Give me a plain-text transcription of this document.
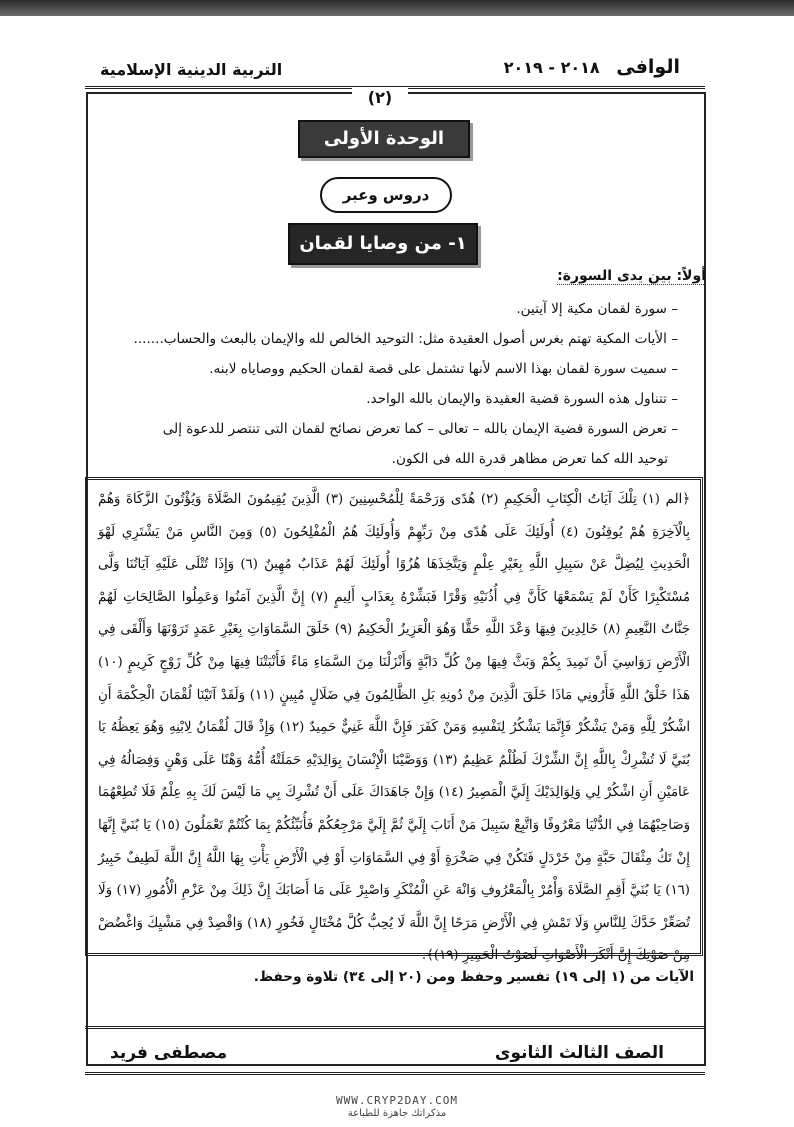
التربية الدينية الإسلامية	الوافى ٢٠١٨ - ٢٠١٩
(٢)
الوحدة الأولى
دروس وعبر
١- من وصايا لقمان
أولاً: بين يدى السورة:

– سورة لقمان مكية إلا آيتين.

– الأيات المكية تهتم بغرس أصول العقيدة مثل: التوحيد الخالص لله والإيمان بالبعث والحساب.......

– سميت سورة لقمان بهذا الاسم لأنها تشتمل على قصة لقمان الحكيم ووصاياه لابنه.

– تتناول هذه السورة قضية العقيدة والإيمان بالله الواحد.

– تعرض السورة قضية الإيمان بالله – تعالى – كما تعرض نصائح لقمان التى تنتصر للدعوة إلى

توحيد الله كما تعرض مظاهر قدرة الله فى الكون.

﴿الم (١) تِلْكَ آيَاتُ الْكِتَابِ الْحَكِيمِ (٢) هُدًى وَرَحْمَةً لِلْمُحْسِنِينَ (٣) الَّذِينَ يُقِيمُونَ الصَّلَاةَ وَيُؤْتُونَ الزَّكَاةَ وَهُمْ بِالْآخِرَةِ هُمْ يُوقِنُونَ (٤) أُولَئِكَ عَلَى هُدًى مِنْ رَبِّهِمْ وَأُولَئِكَ هُمُ الْمُفْلِحُونَ (٥) وَمِنَ النَّاسِ مَنْ يَشْتَرِي لَهْوَ الْحَدِيثِ لِيُضِلَّ عَنْ سَبِيلِ اللَّهِ بِغَيْرِ عِلْمٍ وَيَتَّخِذَهَا هُزُوًا أُولَئِكَ لَهُمْ عَذَابٌ مُهِينٌ (٦) وَإِذَا تُتْلَى عَلَيْهِ آيَاتُنَا وَلَّى مُسْتَكْبِرًا كَأَنْ لَمْ يَسْمَعْهَا كَأَنَّ فِي أُذُنَيْهِ وَقْرًا فَبَشِّرْهُ بِعَذَابٍ أَلِيمٍ (٧) إِنَّ الَّذِينَ آمَنُوا وَعَمِلُوا الصَّالِحَاتِ لَهُمْ جَنَّاتُ النَّعِيمِ (٨) خَالِدِينَ فِيهَا وَعْدَ اللَّهِ حَقًّا وَهُوَ الْعَزِيزُ الْحَكِيمُ (٩) خَلَقَ السَّمَاوَاتِ بِغَيْرِ عَمَدٍ تَرَوْنَهَا وَأَلْقَى فِي الْأَرْضِ رَوَاسِيَ أَنْ تَمِيدَ بِكُمْ وَبَثَّ فِيهَا مِنْ كُلِّ دَابَّةٍ وَأَنْزَلْنَا مِنَ السَّمَاءِ مَاءً فَأَنْبَتْنَا فِيهَا مِنْ كُلِّ زَوْجٍ كَرِيمٍ (١٠) هَذَا خَلْقُ اللَّهِ فَأَرُونِي مَاذَا خَلَقَ الَّذِينَ مِنْ دُونِهِ بَلِ الظَّالِمُونَ فِي ضَلَالٍ مُبِينٍ (١١) وَلَقَدْ آتَيْنَا لُقْمَانَ الْحِكْمَةَ أَنِ اشْكُرْ لِلَّهِ وَمَنْ يَشْكُرْ فَإِنَّمَا يَشْكُرُ لِنَفْسِهِ وَمَنْ كَفَرَ فَإِنَّ اللَّهَ غَنِيٌّ حَمِيدٌ (١٢) وَإِذْ قَالَ لُقْمَانُ لِابْنِهِ وَهُوَ يَعِظُهُ يَا بُنَيَّ لَا تُشْرِكْ بِاللَّهِ إِنَّ الشِّرْكَ لَظُلْمٌ عَظِيمٌ (١٣) وَوَصَّيْنَا الْإِنْسَانَ بِوَالِدَيْهِ حَمَلَتْهُ أُمُّهُ وَهْنًا عَلَى وَهْنٍ وَفِصَالُهُ فِي عَامَيْنِ أَنِ اشْكُرْ لِي وَلِوَالِدَيْكَ إِلَيَّ الْمَصِيرُ (١٤) وَإِنْ جَاهَدَاكَ عَلَى أَنْ تُشْرِكَ بِي مَا لَيْسَ لَكَ بِهِ عِلْمٌ فَلَا تُطِعْهُمَا وَصَاحِبْهُمَا فِي الدُّنْيَا مَعْرُوفًا وَاتَّبِعْ سَبِيلَ مَنْ أَنَابَ إِلَيَّ ثُمَّ إِلَيَّ مَرْجِعُكُمْ فَأُنَبِّئُكُمْ بِمَا كُنْتُمْ تَعْمَلُونَ (١٥) يَا بُنَيَّ إِنَّهَا إِنْ تَكُ مِثْقَالَ حَبَّةٍ مِنْ خَرْدَلٍ فَتَكُنْ فِي صَخْرَةٍ أَوْ فِي السَّمَاوَاتِ أَوْ فِي الْأَرْضِ يَأْتِ بِهَا اللَّهُ إِنَّ اللَّهَ لَطِيفٌ خَبِيرٌ (١٦) يَا بُنَيَّ أَقِمِ الصَّلَاةَ وَأْمُرْ بِالْمَعْرُوفِ وَانْهَ عَنِ الْمُنْكَرِ وَاصْبِرْ عَلَى مَا أَصَابَكَ إِنَّ ذَلِكَ مِنْ عَزْمِ الْأُمُورِ (١٧) وَلَا تُصَعِّرْ خَدَّكَ لِلنَّاسِ وَلَا تَمْشِ فِي الْأَرْضِ مَرَحًا إِنَّ اللَّهَ لَا يُحِبُّ كُلَّ مُخْتَالٍ فَخُورٍ (١٨) وَاقْصِدْ فِي مَشْيِكَ وَاغْضُضْ مِنْ صَوْتِكَ إِنَّ أَنْكَرَ الْأَصْوَاتِ لَصَوْتُ الْحَمِيرِ (١٩)﴾.

الآيات من (١ إلى ١٩) تفسير وحفظ ومن (٢٠ إلى ٣٤) تلاوة وحفظ.
الصف الثالث الثانوى
مصطفى فريد
WWW.CRYP2DAY.COM
مذكراتك جاهزة للطباعة
